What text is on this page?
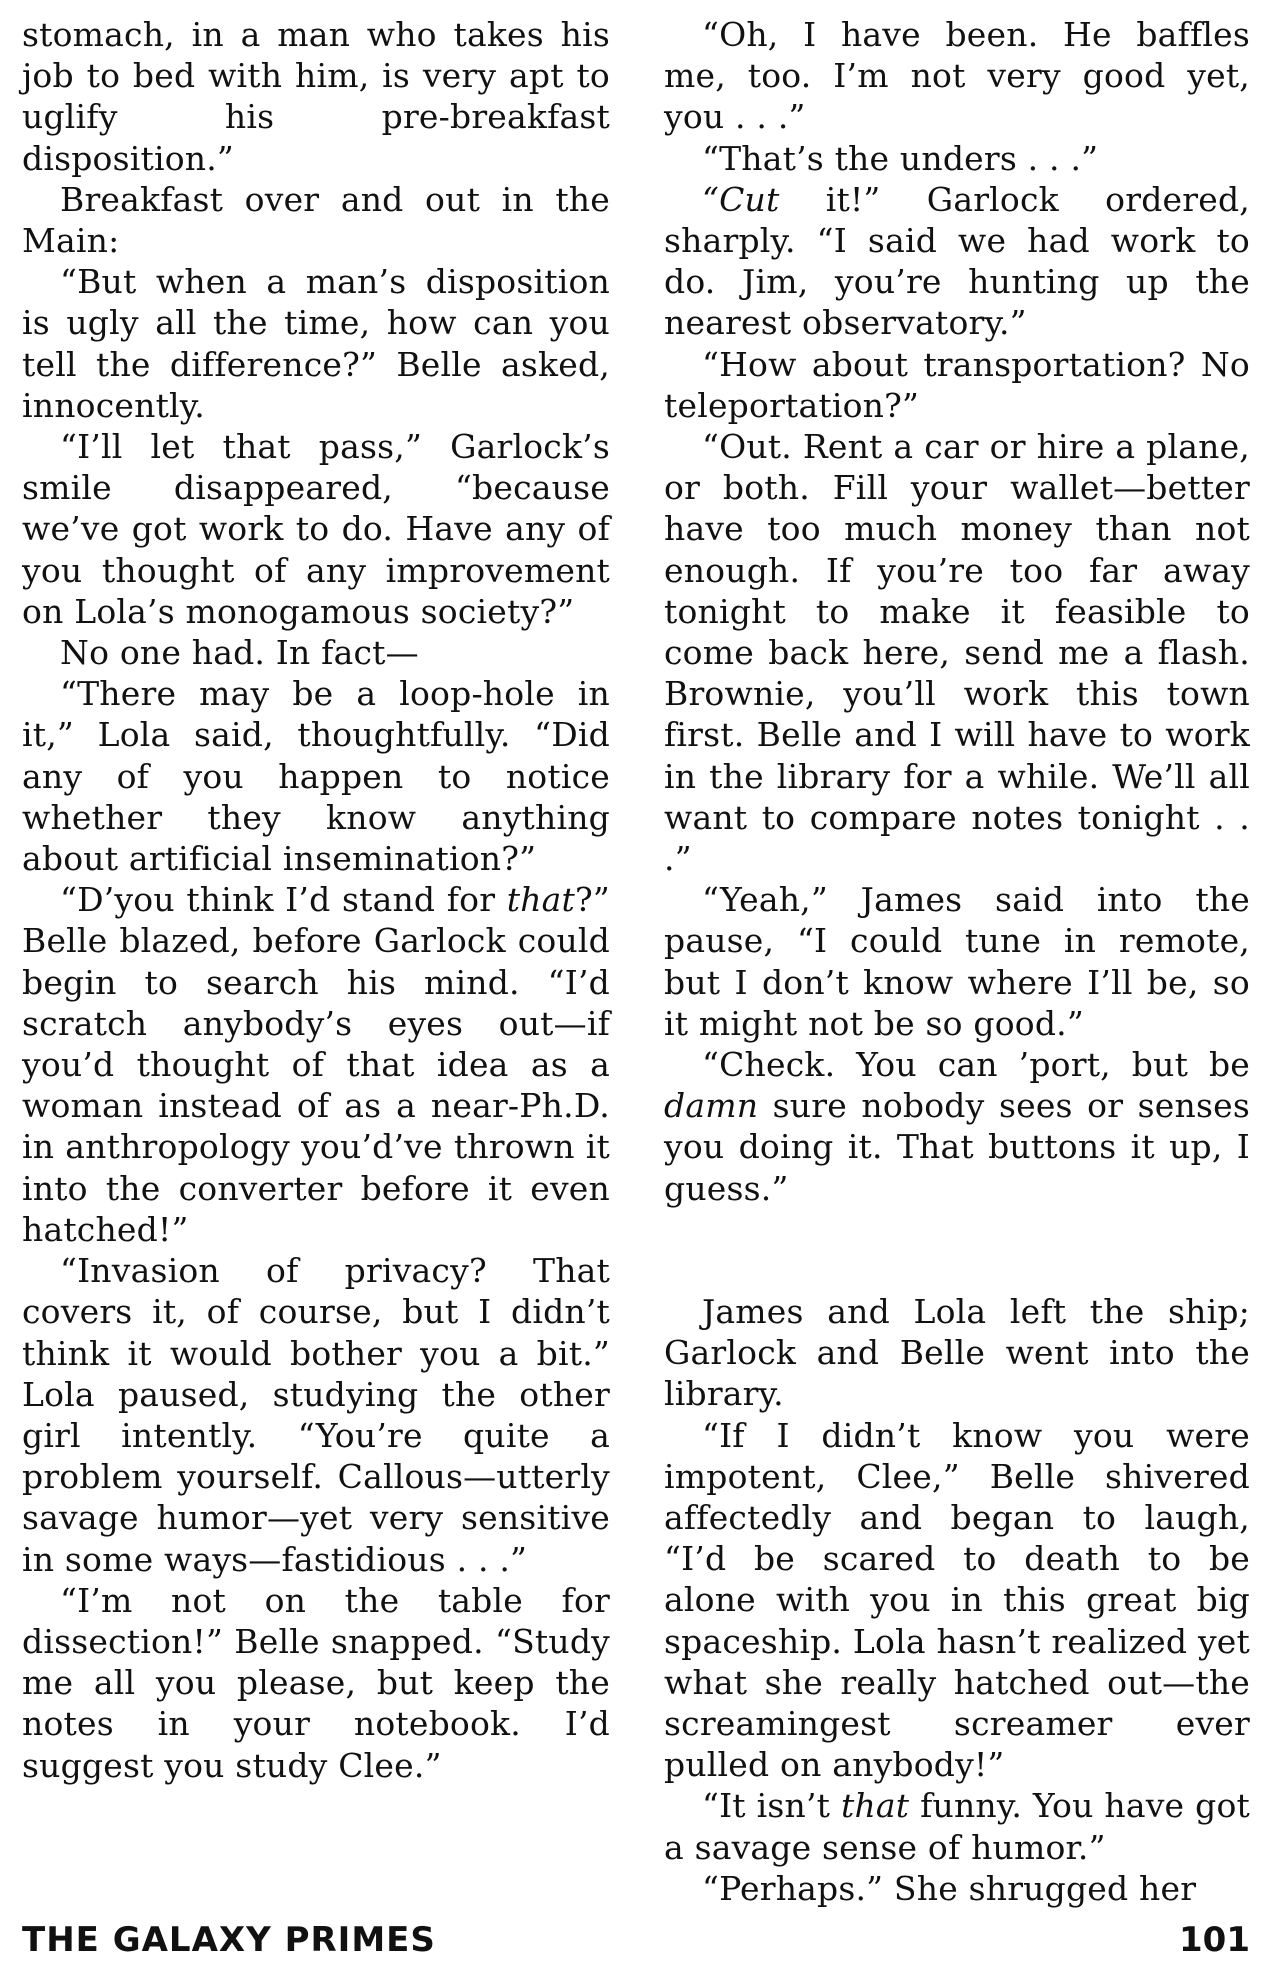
stomach, in a man who takes his job to bed with him, is very apt to uglify his pre-breakfast disposition.”

Breakfast over and out in the Main:

“But when a man’s disposition is ugly all the time, how can you tell the difference?” Belle asked, innocently.

“I’ll let that pass,” Garlock’s smile disappeared, “because we’ve got work to do. Have any of you thought of any improvement on Lola’s monogamous society?”

No one had. In fact—

“There may be a loop-hole in it,” Lola said, thoughtfully. “Did any of you happen to notice whether they know anything about artificial insemination?”

“D’you think I’d stand for that?” Belle blazed, before Garlock could begin to search his mind. “I’d scratch anybody’s eyes out—if you’d thought of that idea as a woman instead of as a near-Ph.D. in anthropology you’d’ve thrown it into the converter before it even hatched!”

“Invasion of privacy? That covers it, of course, but I didn’t think it would bother you a bit.” Lola paused, studying the other girl intently. “You’re quite a problem yourself. Callous—utterly savage humor—yet very sensitive in some ways—fastidious . . .”

“I’m not on the table for dissection!” Belle snapped. “Study me all you please, but keep the notes in your notebook. I’d suggest you study Clee.”

“Oh, I have been. He baffles me, too. I’m not very good yet, you . . .”

“That’s the unders . . .”

“Cut it!” Garlock ordered, sharply. “I said we had work to do. Jim, you’re hunting up the nearest observatory.”

“How about transportation? No teleportation?”

“Out. Rent a car or hire a plane, or both. Fill your wallet—better have too much money than not enough. If you’re too far away tonight to make it feasible to come back here, send me a flash. Brownie, you’ll work this town first. Belle and I will have to work in the library for a while. We’ll all want to compare notes tonight . . .”

“Yeah,” James said into the pause, “I could tune in remote, but I don’t know where I’ll be, so it might not be so good.”

“Check. You can ’port, but be damn sure nobody sees or senses you doing it. That buttons it up, I guess.”

James and Lola left the ship; Garlock and Belle went into the library.

“If I didn’t know you were impotent, Clee,” Belle shivered affectedly and began to laugh, “I’d be scared to death to be alone with you in this great big spaceship. Lola hasn’t realized yet what she really hatched out—the screamingest screamer ever pulled on anybody!”

“It isn’t that funny. You have got a savage sense of humor.”

“Perhaps.” She shrugged her

THE GALAXY PRIMES	101
